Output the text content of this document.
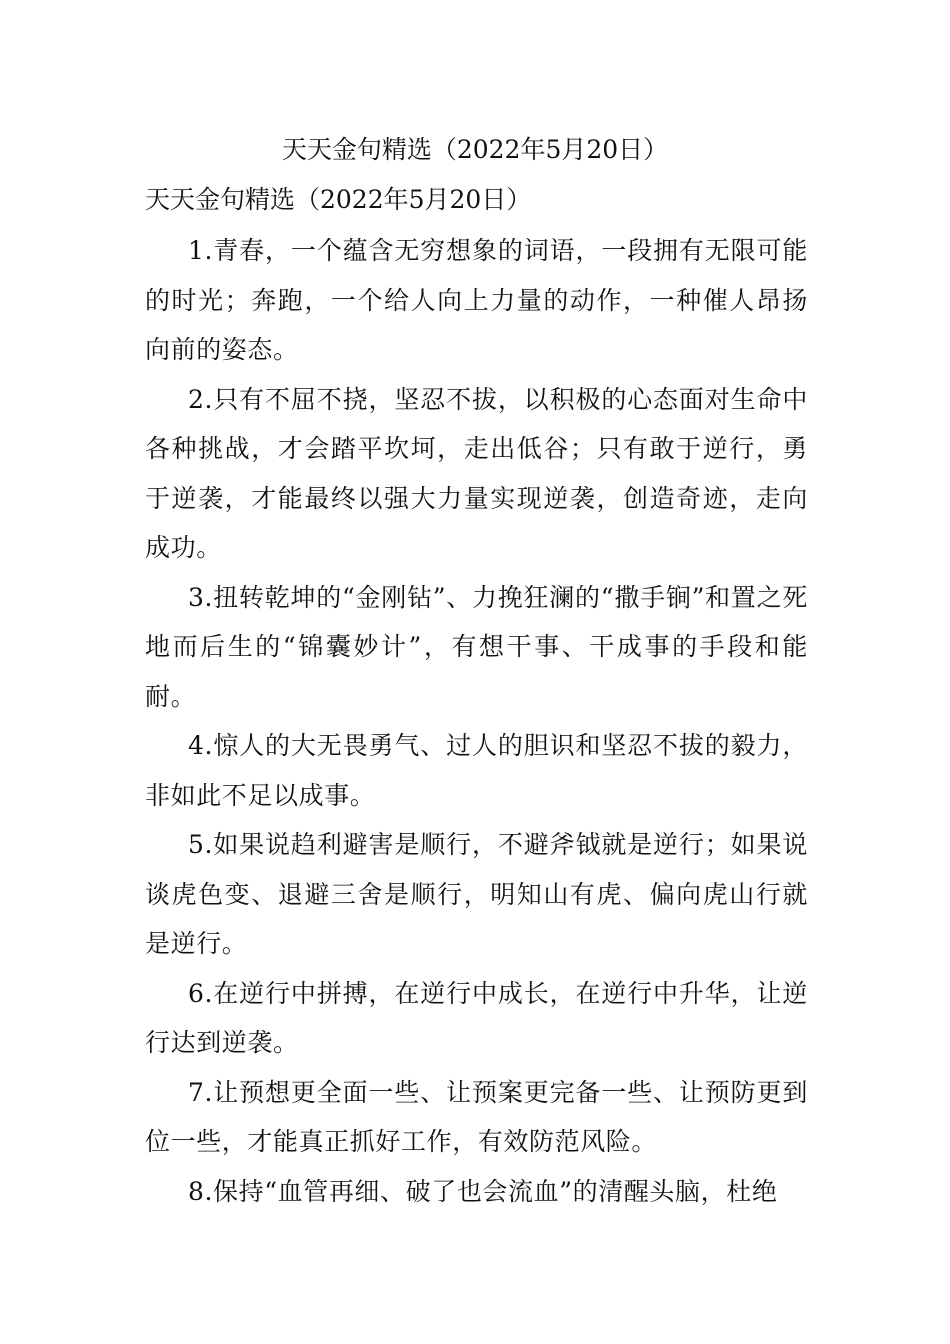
天天金句精选（2022年5月20日）
天天金句精选（2022年5月20日）

1.青春，一个蕴含无穷想象的词语，一段拥有无限可能的时光；奔跑，一个给人向上力量的动作，一种催人昂扬向前的姿态。

2.只有不屈不挠，坚忍不拔，以积极的心态面对生命中各种挑战，才会踏平坎坷，走出低谷；只有敢于逆行，勇于逆袭，才能最终以强大力量实现逆袭，创造奇迹，走向成功。

3.扭转乾坤的“金刚钻”、力挽狂澜的“撒手锏”和置之死地而后生的“锦囊妙计”，有想干事、干成事的手段和能耐。

4.惊人的大无畏勇气、过人的胆识和坚忍不拔的毅力，非如此不足以成事。

5.如果说趋利避害是顺行，不避斧钺就是逆行；如果说谈虎色变、退避三舍是顺行，明知山有虎、偏向虎山行就是逆行。

6.在逆行中拼搏，在逆行中成长，在逆行中升华，让逆行达到逆袭。

7.让预想更全面一些、让预案更完备一些、让预防更到位一些，才能真正抓好工作，有效防范风险。

8.保持“血管再细、破了也会流血”的清醒头脑，杜绝
